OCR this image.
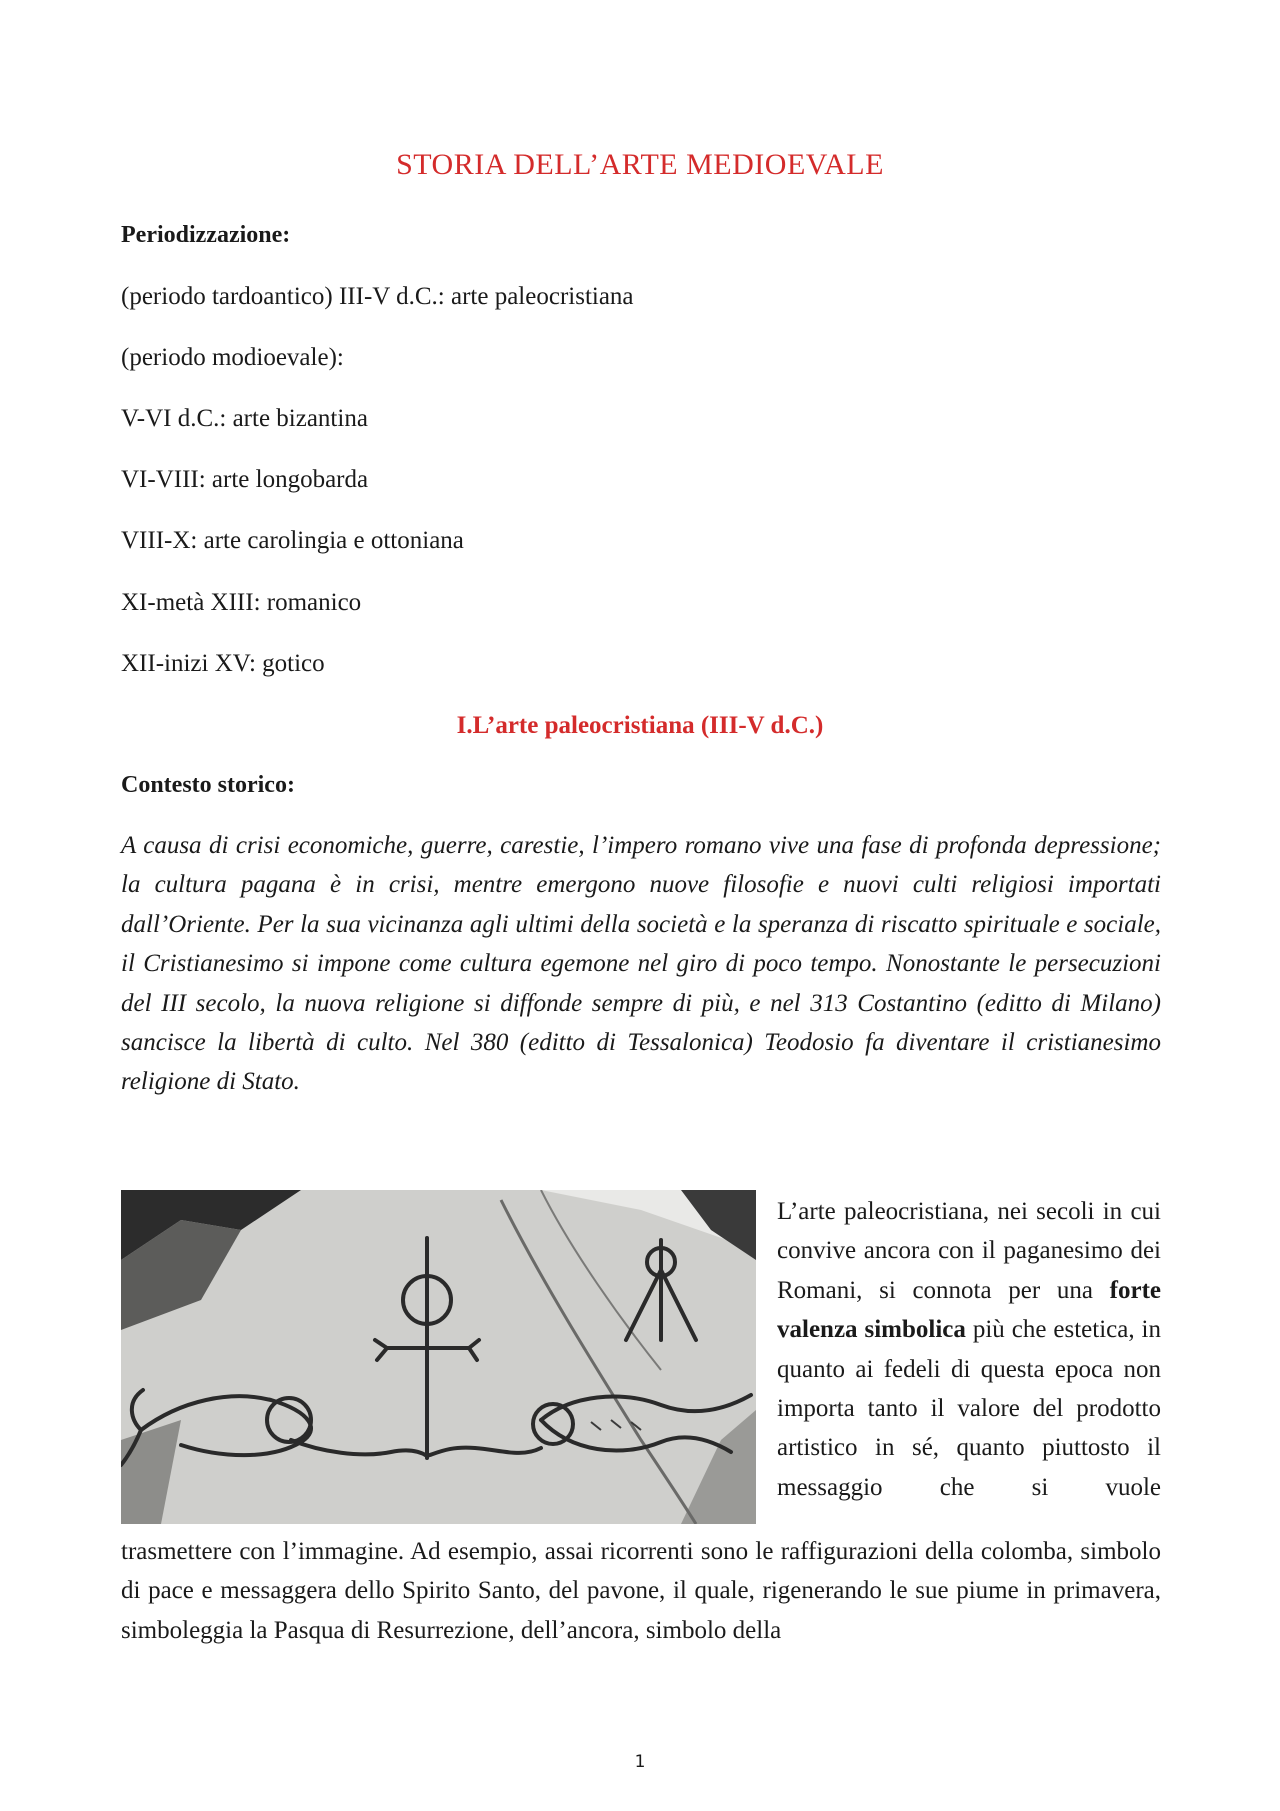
STORIA DELL’ARTE MEDIOEVALE
Periodizzazione:
(periodo tardoantico) III-V d.C.: arte paleocristiana
(periodo modioevale):
V-VI d.C.: arte bizantina
VI-VIII: arte longobarda
VIII-X: arte carolingia e ottoniana
XI-metà XIII: romanico
XII-inizi XV: gotico
I.L’arte paleocristiana (III-V d.C.)
Contesto storico:
A causa di crisi economiche, guerre, carestie, l’impero romano vive una fase di profonda depressione; la cultura pagana è in crisi, mentre emergono nuove filosofie e nuovi culti religiosi importati dall’Oriente. Per la sua vicinanza agli ultimi della società e la speranza di riscatto spirituale e sociale, il Cristianesimo si impone come cultura egemone nel giro di poco tempo. Nonostante le persecuzioni del III secolo, la nuova religione si diffonde sempre di più, e nel 313 Costantino (editto di Milano) sancisce la libertà di culto. Nel 380 (editto di Tessalonica) Teodosio fa diventare il cristianesimo religione di Stato.
L’arte paleocristiana, nei secoli in cui convive ancora con il paganesimo dei Romani, si connota per una forte valenza simbolica più che estetica, in quanto ai fedeli di questa epoca non importa tanto il valore del prodotto artistico in sé, quanto piuttosto il messaggio che si vuole
trasmettere con l’immagine. Ad esempio, assai ricorrenti sono le raffigurazioni della colomba, simbolo di pace e messaggera dello Spirito Santo, del pavone, il quale, rigenerando le sue piume in primavera, simboleggia la Pasqua di Resurrezione, dell’ancora, simbolo della
1
